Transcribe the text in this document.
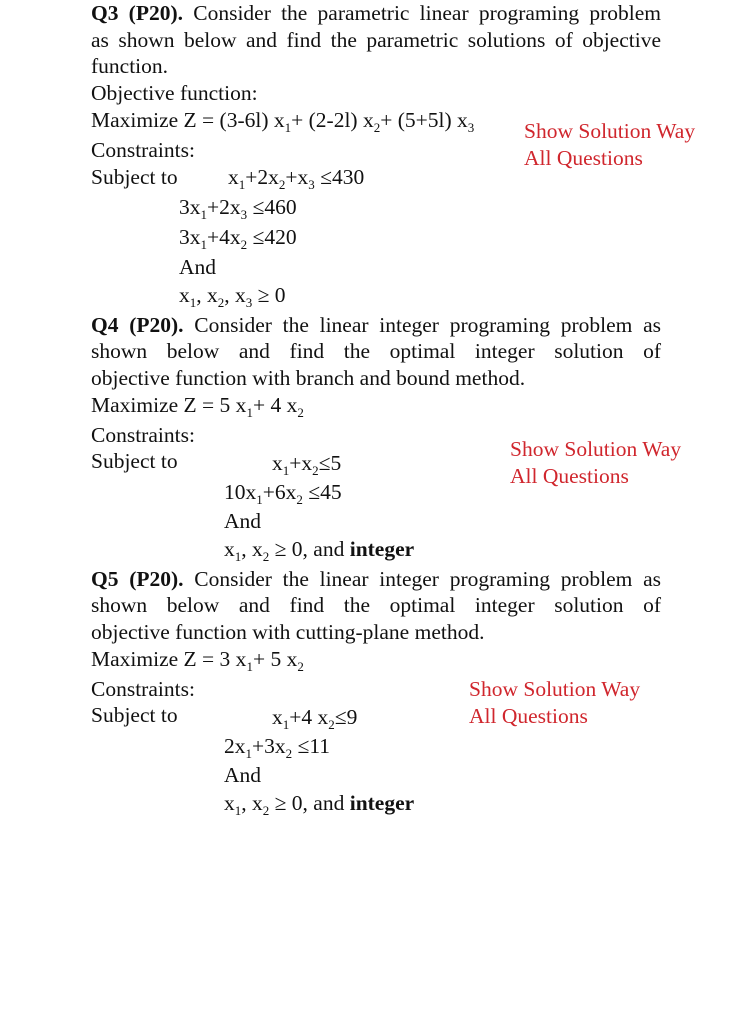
Q3 (P20). Consider the parametric linear programing problem
as shown below and find the parametric solutions of objective
function.
Objective function:
Maximize Z = (3-6l) $x_1+ (2-2l)$ $x_2+ (5+5l)$ $x_3$
Constraints:
Subject to $x_1+2x_2+x_3 \le 430$
$3x_1+2x_3 \le 460$
$3x_1+4x_2 \le 420$
And
$x_1$, $x_2$, $x_3 \ge 0$
Show Solution Way
All Questions
Q4 (P20). Consider the linear integer programing problem as
shown below and find the optimal integer solution of
objective function with branch and bound method.
Maximize Z = 5 $x_1+ 4$ $x_2$
Constraints:
Subject to	$x_1+x_2\le 5$
$10x_1+6x_2 \le 45$
And
$x_1$, $x_2 \ge 0$, and integer
Show Solution Way
All Questions
Q5 (P20). Consider the linear integer programing problem as
shown below and find the optimal integer solution of
objective function with cutting-plane method.
Maximize Z = 3 $x_1+ 5$ $x_2$
Constraints:
Subject to	$x_1+4$ $x_2\le 9$
$2x_1+3x_2 \le 11$
And
$x_1$, $x_2 \ge 0$, and integer
Show Solution Way
All Questions
